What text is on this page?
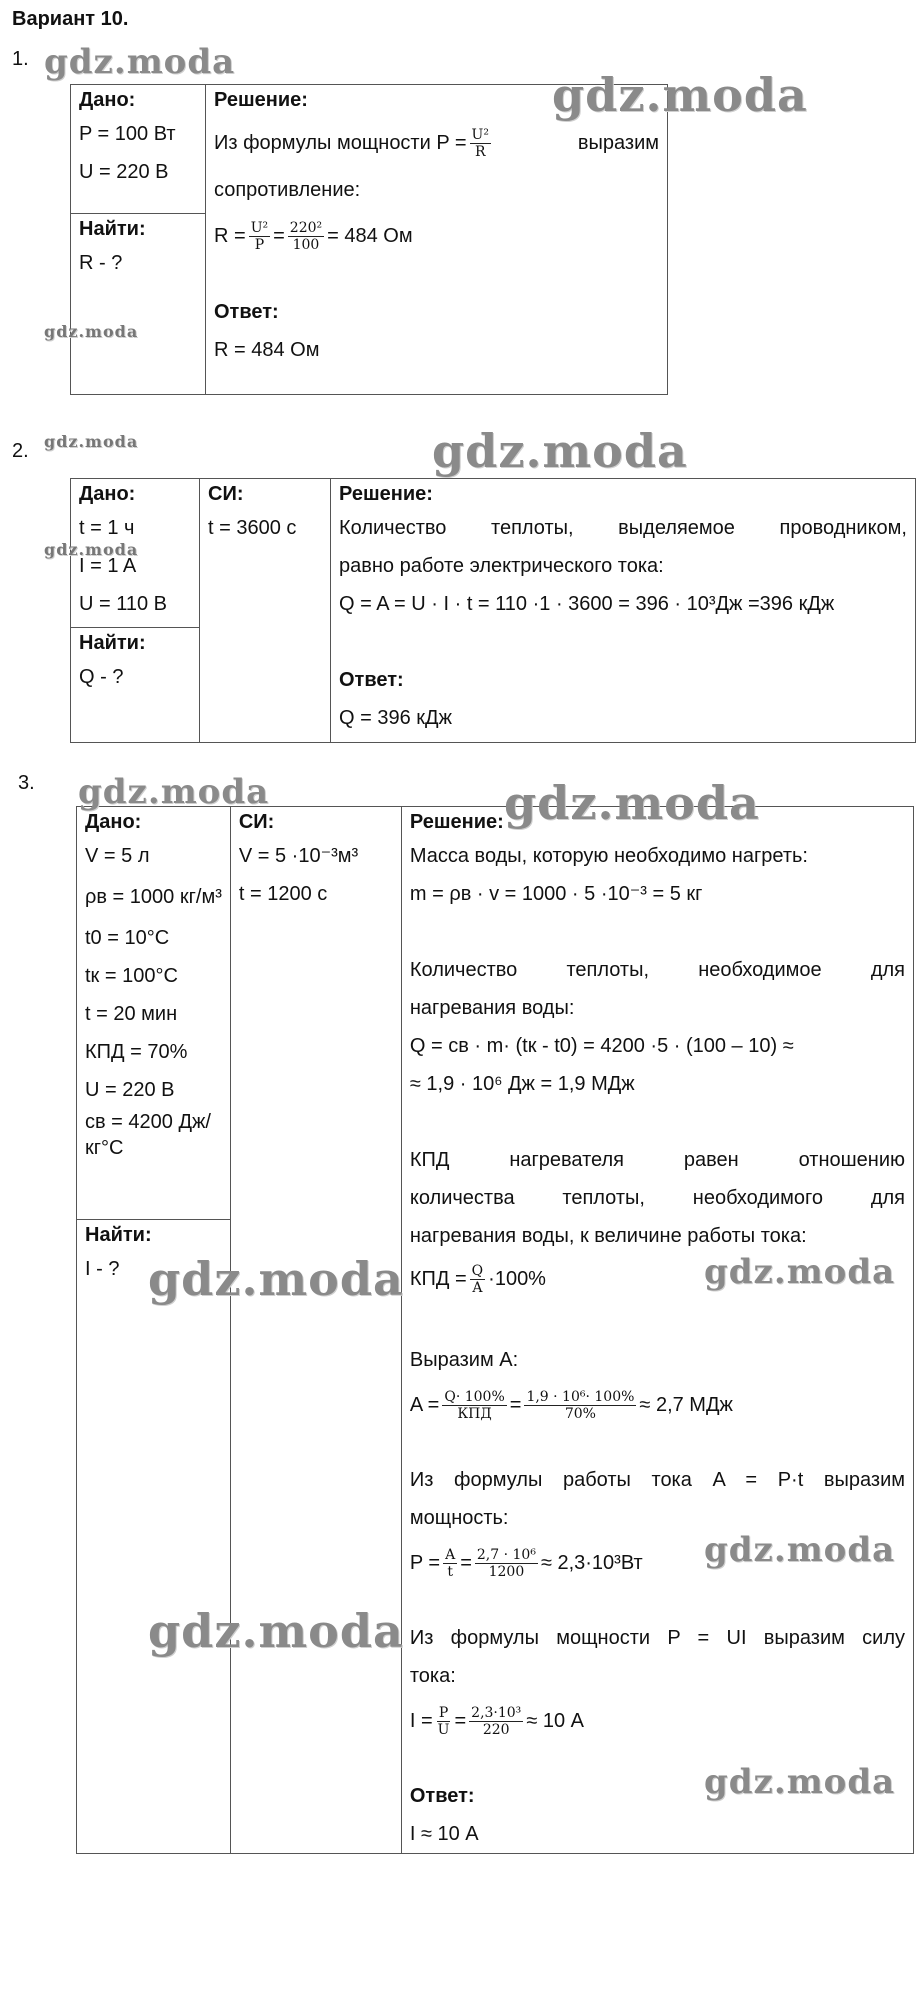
Вариант 10.
1.
Дано:
P = 100 Вт
U = 220 В

Решение:
Из формулы мощности $P = \frac{\text{U²}}{R}$	выразим
сопротивление:
$R = \frac{\text{U²}}{P} = \frac{\text{220²}}{100} = 484$ Ом
Ответ:
R = 484 Ом

Найти:
R - ?
2.
Дано:
t = 1 ч
I = 1 A
U = 110 В

СИ:
t = 3600 с

Решение:
Количество теплоты, выделяемое проводником,
равно работе электрического тока:
Q = A = U · I · t = 110 ·1 · 3600 = 396 · 10³Дж =396 кДж
Ответ:
Q = 396 кДж

Найти:
Q - ?
3.
Дано:
V = 5 л
ρв = 1000 кг/м³
t0 = 10°С
tк = 100°С
t = 20 мин
КПД = 70%
U = 220 В
cв = 4200 Дж/кг°С

СИ:
V = 5 ·10⁻³м³
t = 1200 с

Решение:
Масса воды, которую необходимо нагреть:
m = ρв · v = 1000 · 5 ·10⁻³ = 5 кг
Количество теплоты, необходимое для
нагревания воды:
Q = cв · m· (tк - t0) = 4200 ·5 · (100 – 10) ≈
≈ 1,9 · 10⁶ Дж = 1,9 МДж
КПД нагревателя равен отношению
количества теплоты, необходимого для
нагревания воды, к величине работы тока:
КПД = $\frac{Q}{A} \cdot 100\%$
Выразим А:
$A = \frac{Q\cdot 100\%}{\text{КПД}} = \frac{\text{1,9 · 10⁶· 100\%}}{70\%} \approx 2,7$ МДж
Из формулы работы тока A = P·t выразим
мощность:
$P = \frac{A}{t} = \frac{\text{2,7 · 10⁶}}{1200} \approx 2,3\cdot 10^3Вт$
Из формулы мощности P = UI выразим силу
тока:
$I = \frac{P}{U} = \frac{\text{2,3·10³}}{220} \approx 10$ А
Ответ:
I ≈ 10 А

Найти:
I - ?
gdz.moda
gdz.moda
gdz.moda
gdz.moda	gdz.moda
gdz.moda
gdz.moda	gdz.moda
gdz.moda	gdz.moda
gdz.moda
gdz.moda
gdz.moda
